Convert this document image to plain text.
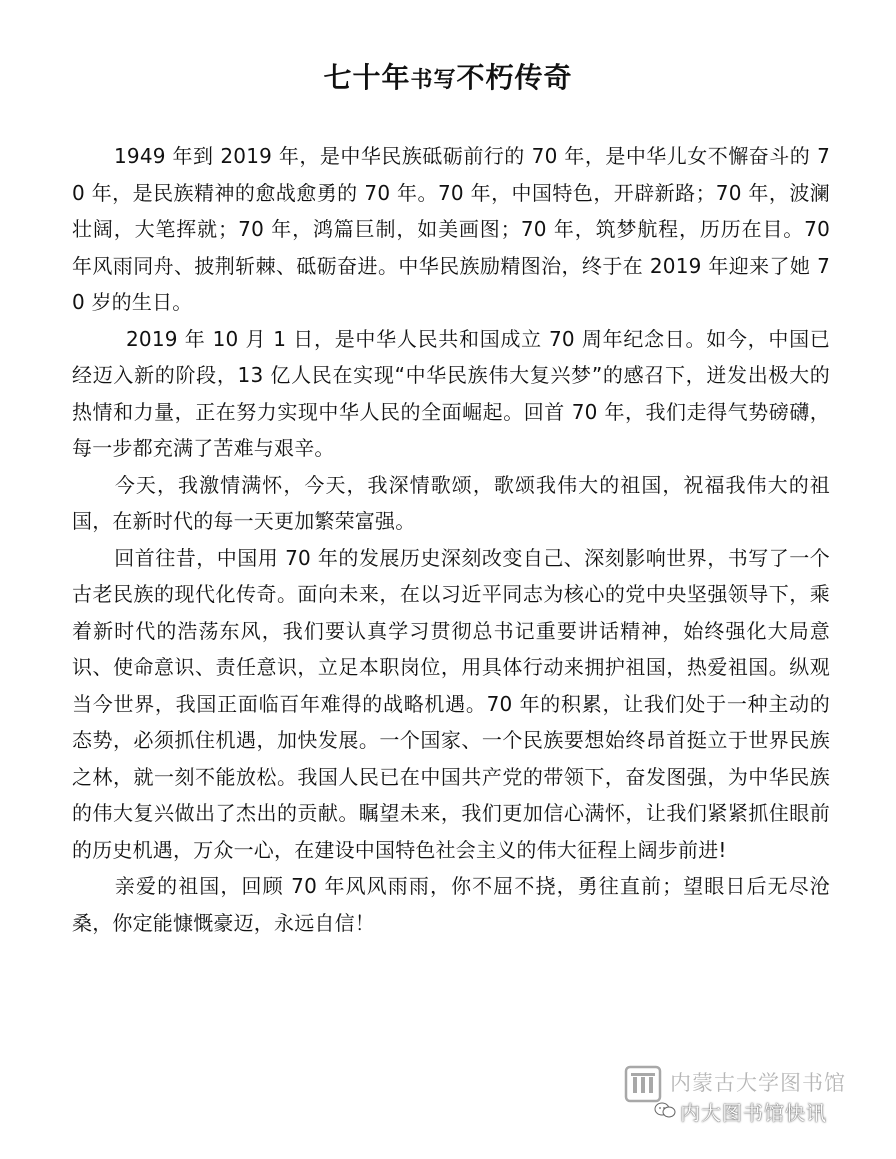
七十年书写不朽传奇

1949 年到 2019 年，是中华民族砥砺前行的 70 年，是中华儿女不懈奋斗的 70 年，是民族精神的愈战愈勇的 70 年。70 年，中国特色，开辟新路；70 年，波澜壮阔，大笔挥就；70 年，鸿篇巨制，如美画图；70 年，筑梦航程，历历在目。70 年风雨同舟、披荆斩棘、砥砺奋进。中华民族励精图治，终于在 2019 年迎来了她 70 岁的生日。

2019 年 10 月 1 日，是中华人民共和国成立 70 周年纪念日。如今，中国已经迈入新的阶段，13 亿人民在实现“中华民族伟大复兴梦”的感召下，迸发出极大的热情和力量，正在努力实现中华人民的全面崛起。回首 70 年，我们走得气势磅礴，每一步都充满了苦难与艰辛。

今天，我激情满怀，今天，我深情歌颂，歌颂我伟大的祖国，祝福我伟大的祖国，在新时代的每一天更加繁荣富强。

回首往昔，中国用 70 年的发展历史深刻改变自己、深刻影响世界，书写了一个古老民族的现代化传奇。面向未来，在以习近平同志为核心的党中央坚强领导下，乘着新时代的浩荡东风，我们要认真学习贯彻总书记重要讲话精神，始终强化大局意识、使命意识、责任意识，立足本职岗位，用具体行动来拥护祖国，热爱祖国。纵观当今世界，我国正面临百年难得的战略机遇。70 年的积累，让我们处于一种主动的态势，必须抓住机遇，加快发展。一个国家、一个民族要想始终昂首挺立于世界民族之林，就一刻不能放松。我国人民已在中国共产党的带领下，奋发图强，为中华民族的伟大复兴做出了杰出的贡献。瞩望未来，我们更加信心满怀，让我们紧紧抓住眼前的历史机遇，万众一心，在建设中国特色社会主义的伟大征程上阔步前进!

亲爱的祖国，回顾 70 年风风雨雨，你不屈不挠，勇往直前；望眼日后无尽沧桑，你定能慷慨豪迈，永远自信！

内蒙古大学图书馆
内大图书馆快讯
